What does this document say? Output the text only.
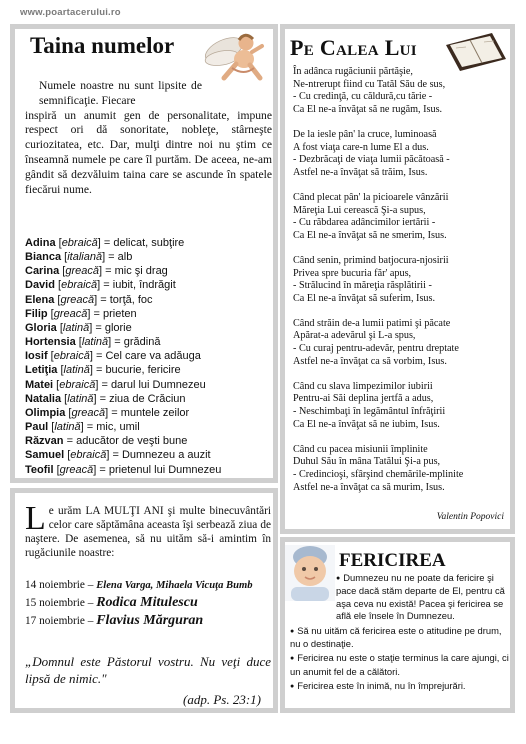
www.poartacerului.ro
Taina numelor
Numele noastre nu sunt lipsite de semnificaţie. Fiecare
inspiră un anumit gen de personalitate, impune respect ori dă sonoritate, nobleţe, stârneşte curiozitatea, etc. Dar, mulţi dintre noi nu ştim ce înseamnă numele pe care îl purtăm. De aceea, ne-am gândit să dezvăluim taina care se ascunde în spatele fiecărui nume.
Adina [ebraică] = delicat, subţire
Bianca [italiană] = alb
Carina [greacă] = mic şi drag
David [ebraică] = iubit, îndrăgit
Elena [greacă] = torţă, foc
Filip [greacă] = prieten
Gloria [latină] = glorie
Hortensia [latină] = grădină
Iosif [ebraică] = Cel care va adăuga
Letiţia [latină] = bucurie, fericire
Matei [ebraică] = darul lui Dumnezeu
Natalia [latină] = ziua de Crăciun
Olimpia [greacă] = muntele zeilor
Paul [latină] = mic, umil
Răzvan = aducător de veşti bune
Samuel [ebraică] = Dumnezeu a auzit
Teofil [greacă] = prietenul lui Dumnezeu
Le urăm LA MULŢI ANI şi multe binecuvântări celor care săptămâna aceasta îşi serbează ziua de naştere. De asemenea, să nu uităm să-i amintim în rugăciunile noastre:
14 noiembrie – Elena Varga, Mihaela Vicuţa Bumb
15 noiembrie – Rodica Mitulescu
17 noiembrie – Flavius Mărguran
„Domnul este Păstorul vostru. Nu veţi duce lipsă de nimic."
(adp. Ps. 23:1)
Pe Calea Lui
În adânca rugăciunii părtăşie,
Ne-ntrerupt fiind cu Tatăl Său de sus,
- Cu credinţă, cu căldură,cu tărie -
Ca El ne-a învăţat să ne rugăm, Isus.
De la iesle pân' la cruce, luminoasă
A fost viaţa care-n lume El a dus.
- Dezbrăcaţi de viaţa lumii păcătoasă -
Astfel ne-a învăţat să trăim, Isus.
Când plecat pân' la picioarele vânzării
Măreţia Lui cerească Şi-a supus,
- Cu răbdarea adâncimilor iertării -
Ca El ne-a învăţat să ne smerim, Isus.
Când senin, primind batjocura-njosirii
Privea spre bucuria făr' apus,
- Strălucind în măreţia răsplătirii -
Ca El ne-a învăţat să suferim, Isus.
Când străin de-a lumii patimi şi păcate
Apărat-a adevărul şi L-a spus,
- Cu curaj pentru-adevăr, pentru dreptate
Astfel ne-a învăţat ca să vorbim, Isus.
Când cu slava limpezimilor iubirii
Pentru-ai Săi deplina jertfă a adus,
- Neschimbaţi în legământul înfrăţirii
Ca El ne-a învăţat să ne iubim, Isus.
Când cu pacea misiunii împlinite
Duhul Său în mâna Tatălui Şi-a pus,
- Credincioşi, sfârşind chemările-mplinite
Astfel ne-a învăţat ca să murim, Isus.
Valentin Popovici
FERICIREA
● Dumnezeu nu ne poate da fericire şi pace dacă stăm departe de El, pentru că aşa ceva nu există! Pacea şi fericirea se află ele însele în Dumnezeu.
● Să nu uităm că fericirea este o atitudine pe drum, nu o destinaţie.
● Fericirea nu este o staţie terminus la care ajungi, ci un anumit fel de a călători.
● Fericirea este în inimă, nu în împrejurări.
